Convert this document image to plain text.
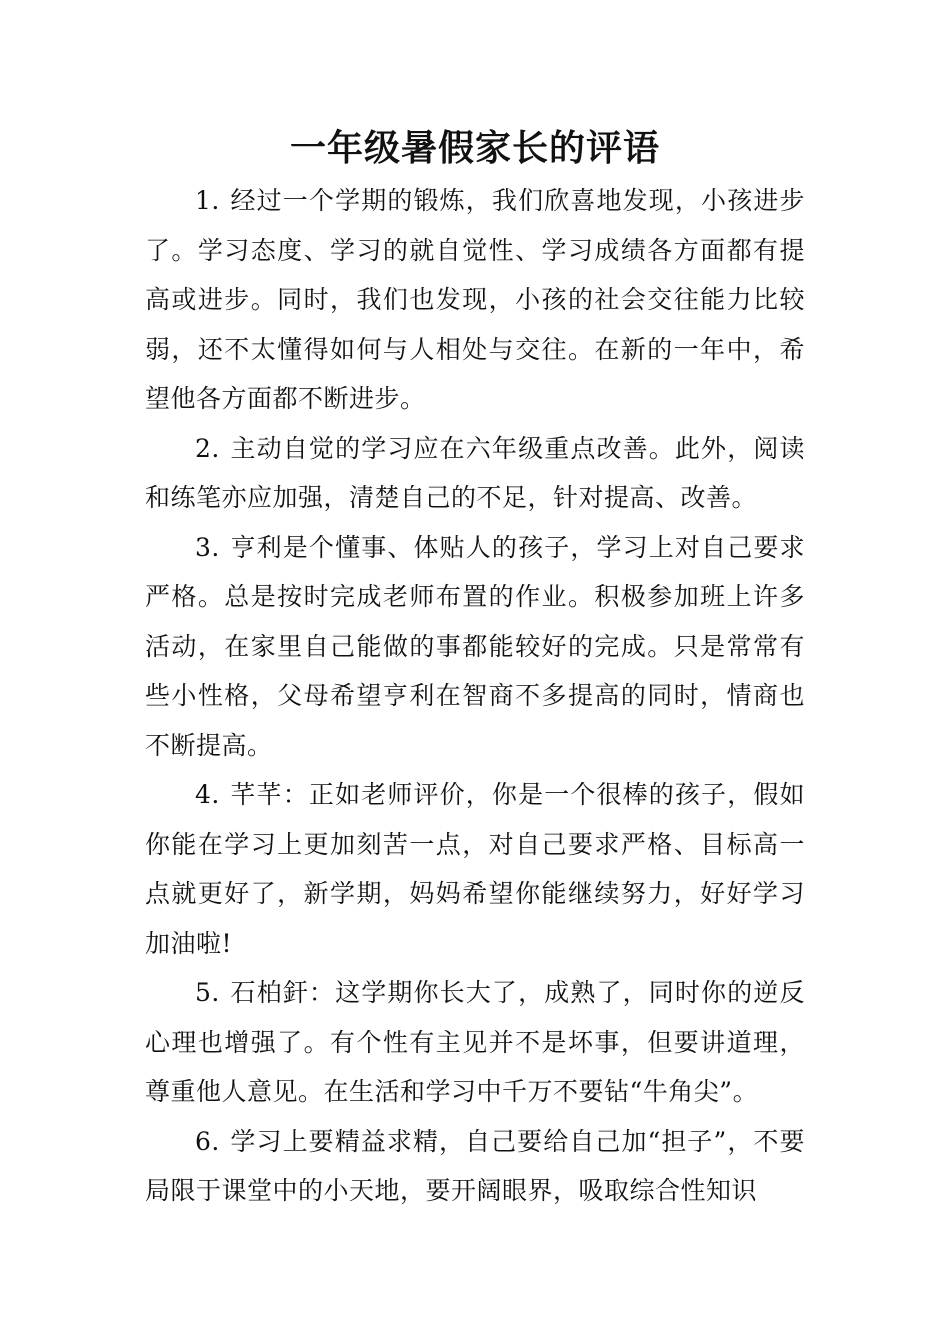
一年级暑假家长的评语

1. 经过一个学期的锻炼，我们欣喜地发现，小孩进步了。学习态度、学习的就自觉性、学习成绩各方面都有提高或进步。同时，我们也发现，小孩的社会交往能力比较弱，还不太懂得如何与人相处与交往。在新的一年中，希望他各方面都不断进步。

2. 主动自觉的学习应在六年级重点改善。此外，阅读和练笔亦应加强，清楚自己的不足，针对提高、改善。

3. 亨利是个懂事、体贴人的孩子，学习上对自己要求严格。总是按时完成老师布置的作业。积极参加班上许多活动，在家里自己能做的事都能较好的完成。只是常常有些小性格，父母希望亨利在智商不多提高的同时，情商也不断提高。

4. 芊芊：正如老师评价，你是一个很棒的孩子，假如你能在学习上更加刻苦一点，对自己要求严格、目标高一点就更好了，新学期，妈妈希望你能继续努力，好好学习加油啦!

5. 石柏釬：这学期你长大了，成熟了，同时你的逆反心理也增强了。有个性有主见并不是坏事，但要讲道理，尊重他人意见。在生活和学习中千万不要钻“牛角尖”。

6. 学习上要精益求精，自己要给自己加“担子”，不要局限于课堂中的小天地，要开阔眼界，吸取综合性知识
